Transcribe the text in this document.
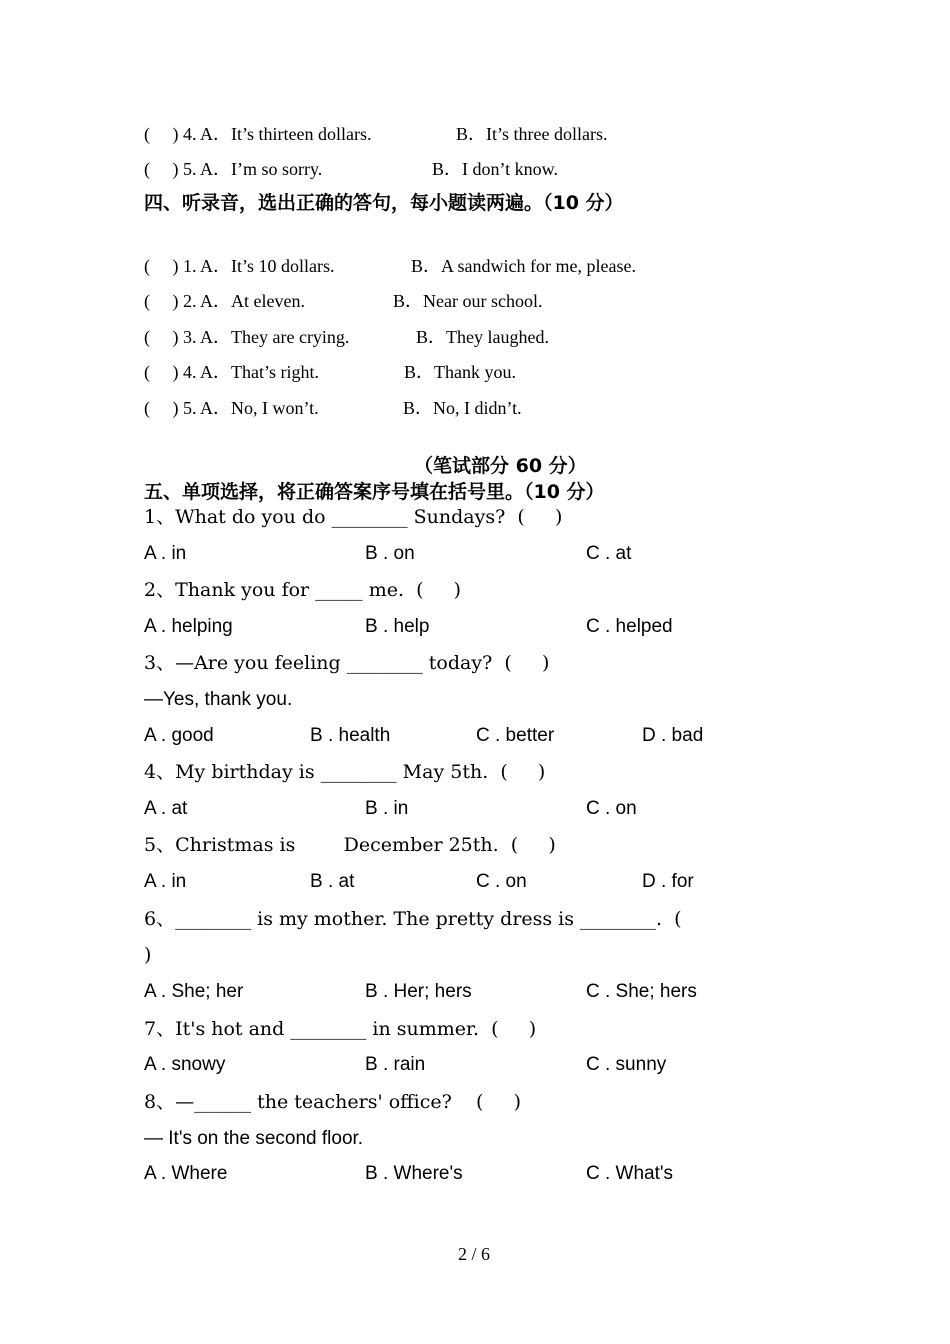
(     ) 4. A．It’s thirteen dollars.	B．It’s three dollars.
(     ) 5. A．I’m so sorry.	B．I don’t know.
四、听录音，选出正确的答句，每小题读两遍。（10 分）
(     ) 1. A．It’s 10 dollars.	B．A sandwich for me, please.
(     ) 2. A．At eleven.	B．Near our school.
(     ) 3. A．They are crying.	B．They laughed.
(     ) 4. A．That’s right.	B．Thank you.
(     ) 5. A．No, I won’t.	B．No, I didn’t.
（笔试部分 60 分）
五、单项选择，将正确答案序号填在括号里。（10 分）
1、What do you do ________ Sundays?  (     )
A . in	B . on	C . at
2、Thank you for _____ me.  (     )
A . helping	B . help	C . helped
3、—Are you feeling ________ today?  (     )
—Yes, thank you.
A . good	B . health	C . better	D . bad
4、My birthday is ________ May 5th.  (     )
A . at	B . in	C . on
5、Christmas is        December 25th.  (     )
A . in	B . at	C . on	D . for
6、________ is my mother. The pretty dress is ________.  (
)
A . She; her	B . Her; hers	C . She; hers
7、It's hot and ________ in summer.  (     )
A . snowy	B . rain	C . sunny
8、—______ the teachers' office?    (     )
— It's on the second floor.
A . Where	B . Where's	C . What's
2 / 6
